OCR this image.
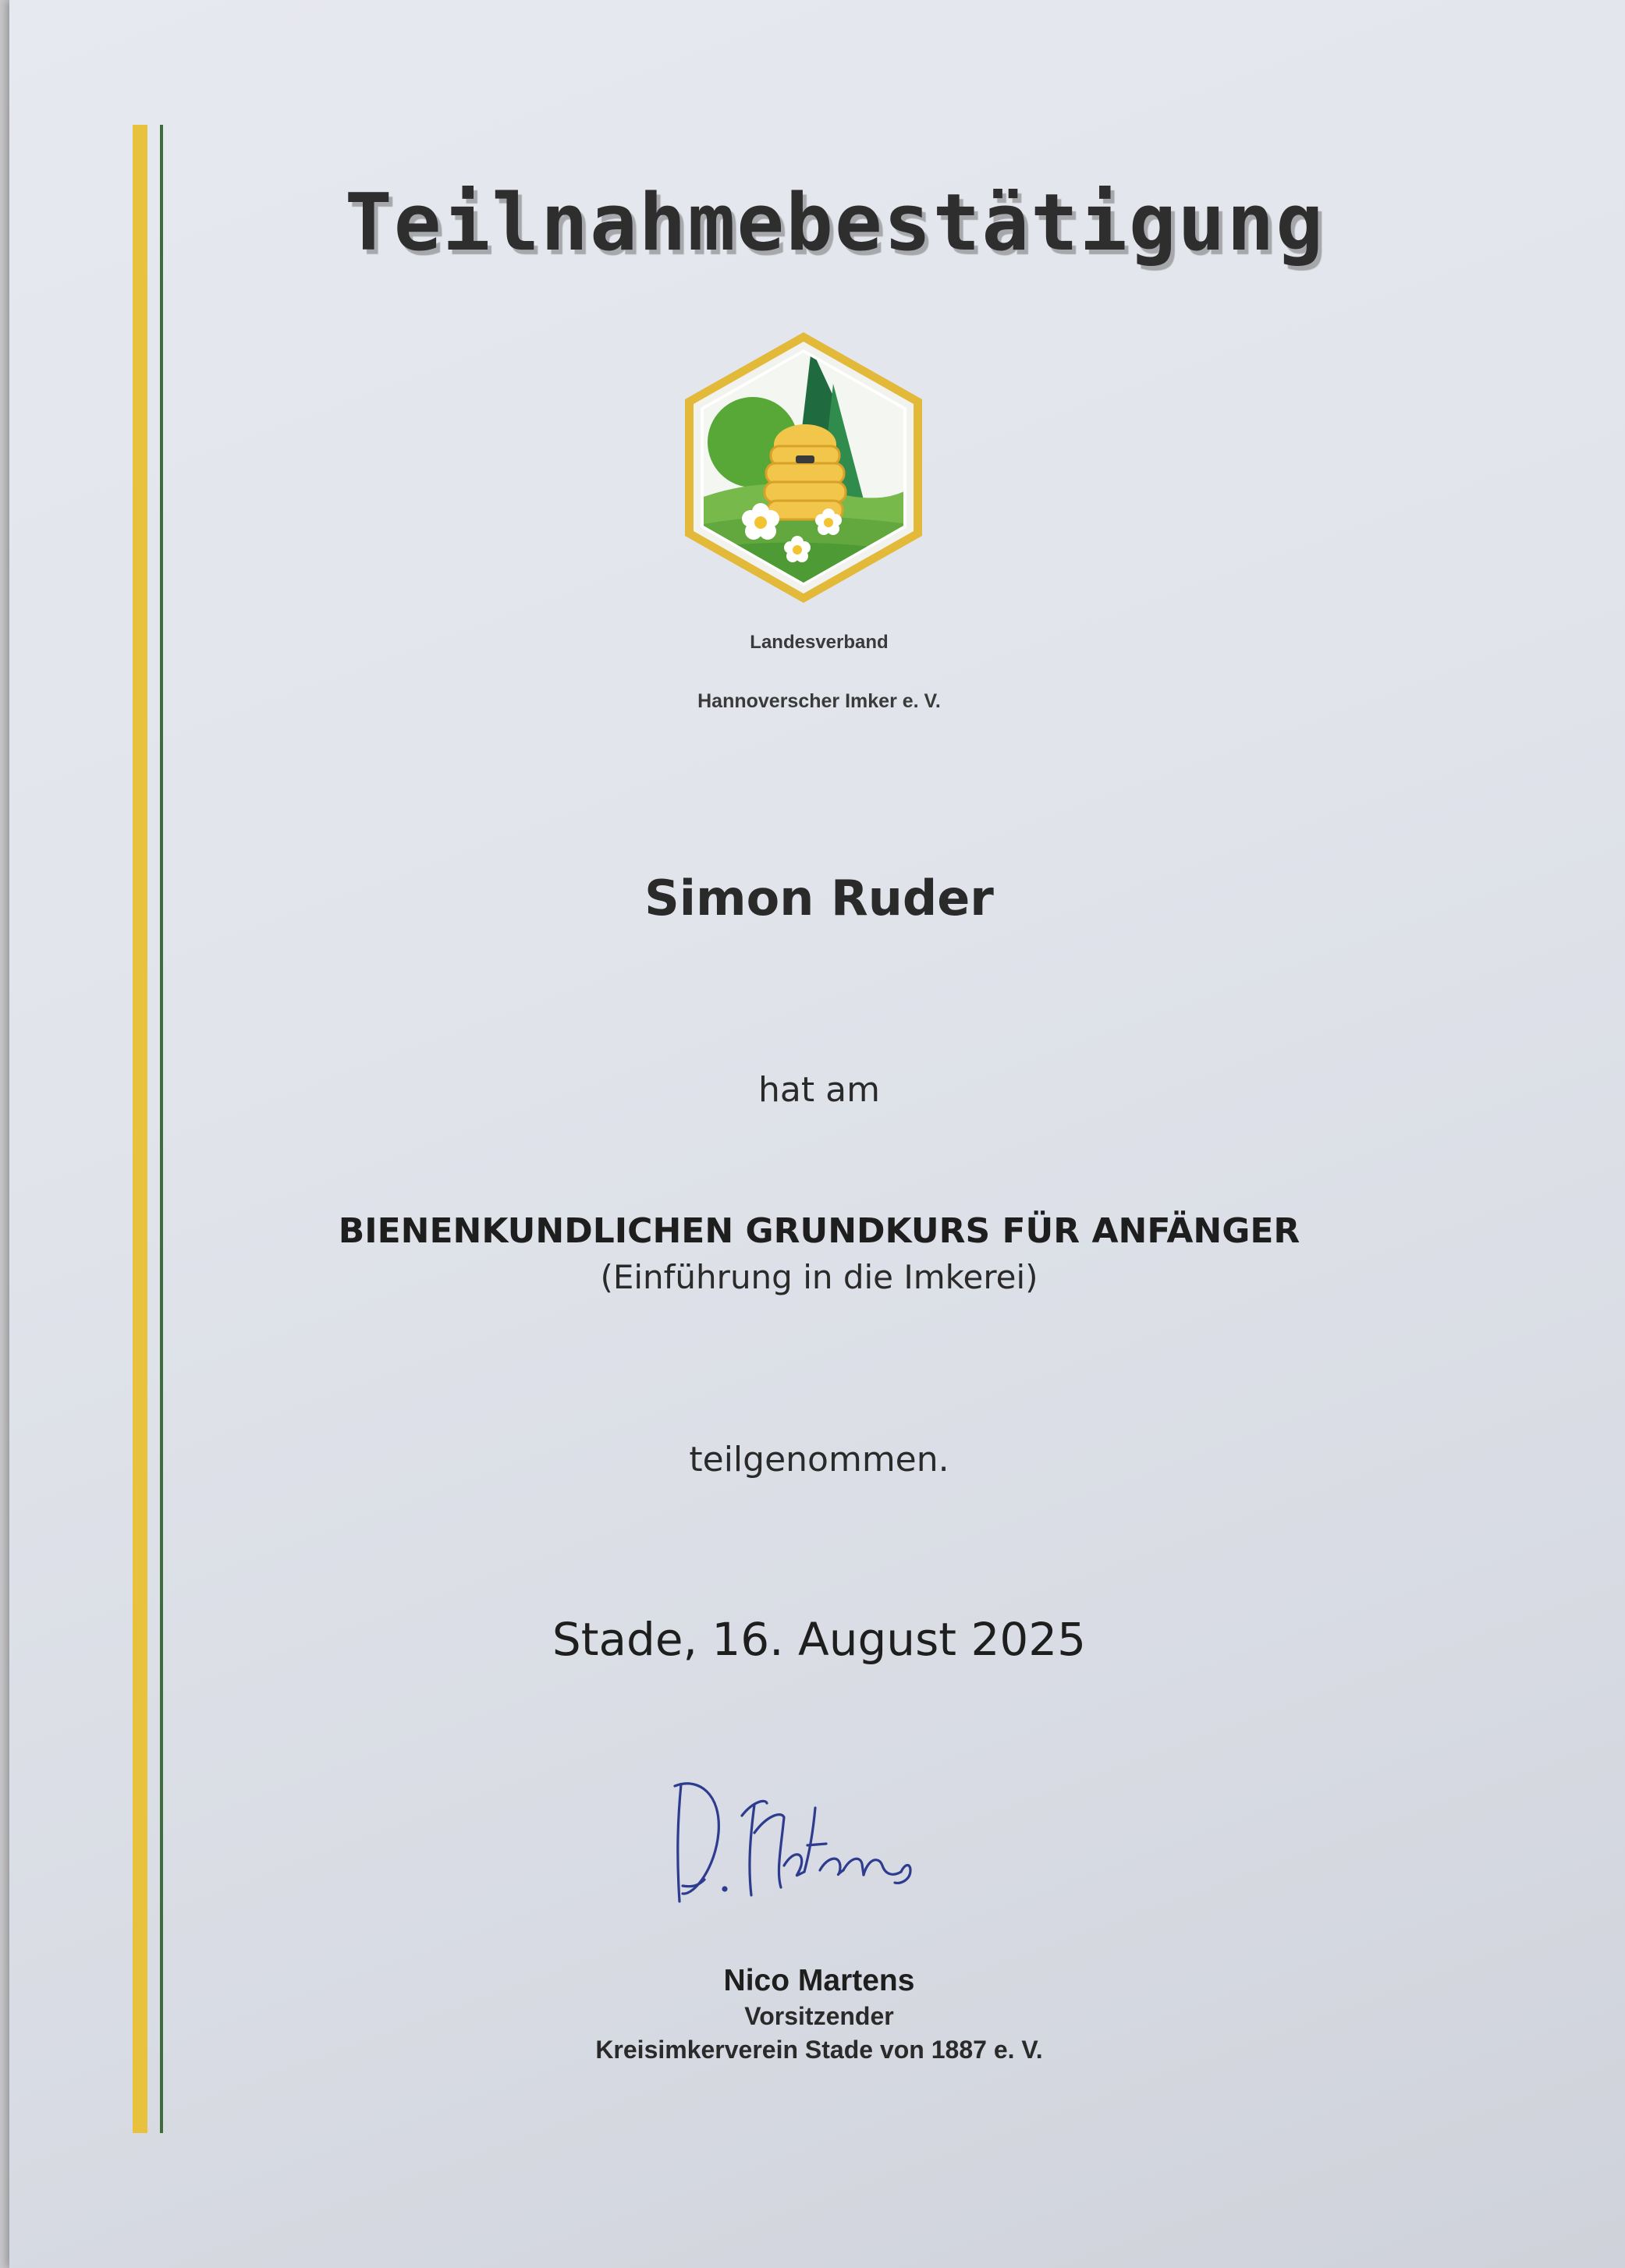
Teilnahmebestätigung

Landesverband

Hannoverscher Imker e. V.

Simon Ruder

hat am

BIENENKUNDLICHEN GRUNDKURS FÜR ANFÄNGER

(Einführung in die Imkerei)

teilgenommen.

Stade, 16. August 2025

Nico Martens

Vorsitzender

Kreisimkerverein Stade von 1887 e. V.
